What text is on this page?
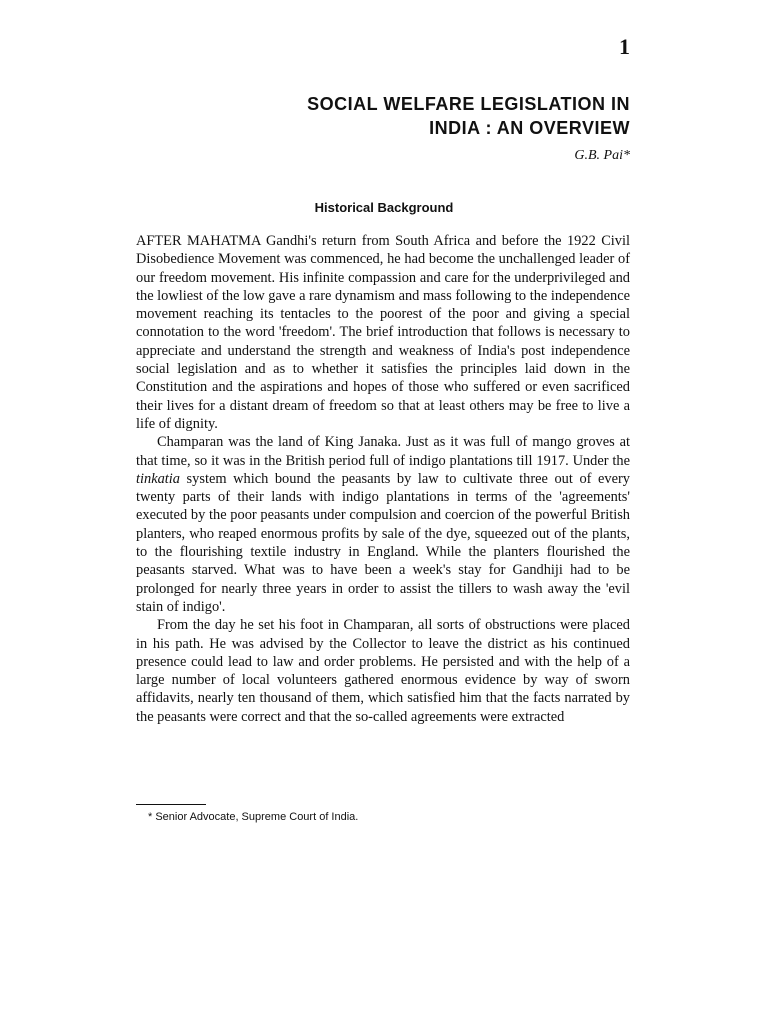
1
SOCIAL WELFARE LEGISLATION IN
INDIA : AN OVERVIEW
G.B. Pai*
Historical Background

AFTER MAHATMA Gandhi's return from South Africa and before the 1922 Civil Disobedience Movement was commenced, he had become the unchallenged leader of our freedom movement. His infinite compassion and care for the underprivileged and the lowliest of the low gave a rare dynamism and mass following to the independence movement reaching its tentacles to the poorest of the poor and giving a special connotation to the word 'freedom'. The brief introduction that follows is necessary to appreciate and understand the strength and weakness of India's post independence social legislation and as to whether it satisfies the principles laid down in the Constitution and the aspirations and hopes of those who suffered or even sacrificed their lives for a distant dream of freedom so that at least others may be free to live a life of dignity.

Champaran was the land of King Janaka. Just as it was full of mango groves at that time, so it was in the British period full of indigo plantations till 1917. Under the tinkatia system which bound the peasants by law to cultivate three out of every twenty parts of their lands with indigo plantations in terms of the 'agreements' executed by the poor peasants under compulsion and coercion of the powerful British planters, who reaped enormous profits by sale of the dye, squeezed out of the plants, to the flourishing textile industry in England. While the planters flourished the peasants starved. What was to have been a week's stay for Gandhiji had to be prolonged for nearly three years in order to assist the tillers to wash away the 'evil stain of indigo'.

From the day he set his foot in Champaran, all sorts of obstructions were placed in his path. He was advised by the Collector to leave the district as his continued presence could lead to law and order problems. He persisted and with the help of a large number of local volunteers gathered enormous evidence by way of sworn affidavits, nearly ten thousand of them, which satisfied him that the facts narrated by the peasants were correct and that the so-called agreements were extracted

* Senior Advocate, Supreme Court of India.
